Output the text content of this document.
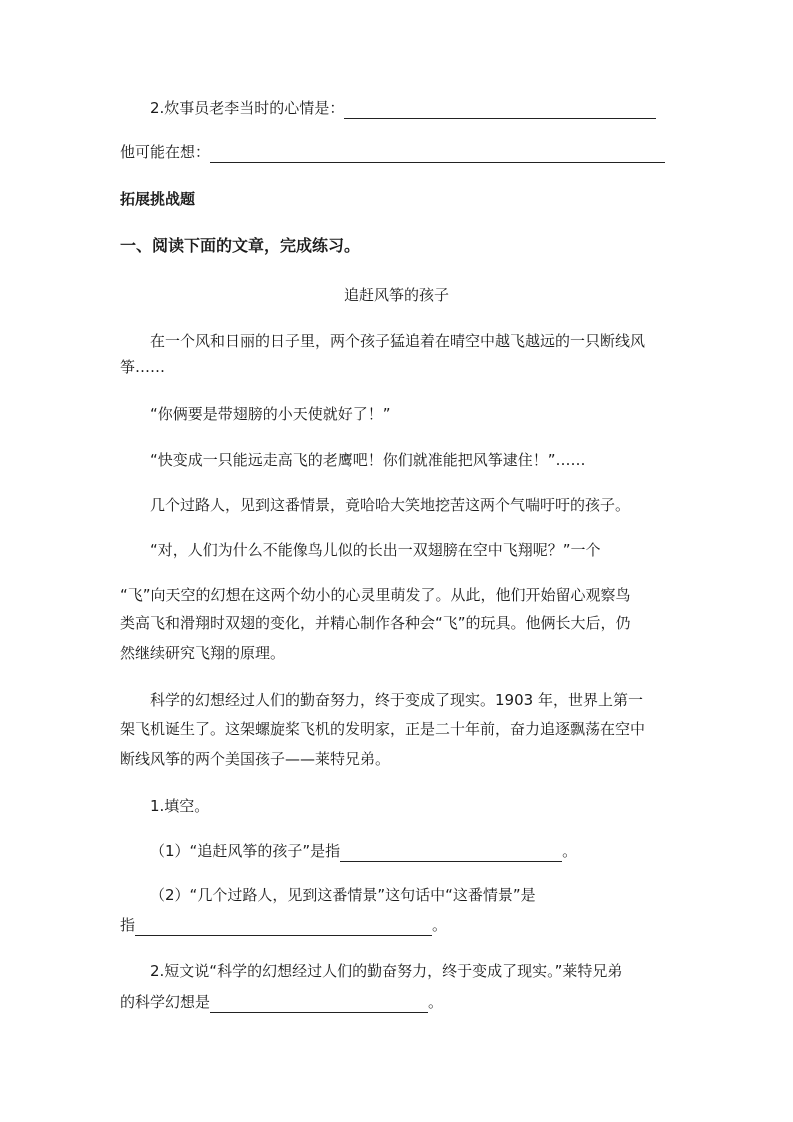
2.炊事员老李当时的心情是：
他可能在想：
拓展挑战题
一、阅读下面的文章，完成练习。
追赶风筝的孩子
在一个风和日丽的日子里，两个孩子猛追着在晴空中越飞越远的一只断线风
筝……
“你俩要是带翅膀的小天使就好了！”
“快变成一只能远走高飞的老鹰吧！你们就准能把风筝逮住！”……
几个过路人，见到这番情景，竟哈哈大笑地挖苦这两个气喘吁吁的孩子。
“对，人们为什么不能像鸟儿似的长出一双翅膀在空中飞翔呢？”一个
“飞”向天空的幻想在这两个幼小的心灵里萌发了。从此，他们开始留心观察鸟
类高飞和滑翔时双翅的变化，并精心制作各种会“飞”的玩具。他俩长大后，仍
然继续研究飞翔的原理。
科学的幻想经过人们的勤奋努力，终于变成了现实。1903 年，世界上第一
架飞机诞生了。这架螺旋桨飞机的发明家，正是二十年前，奋力追逐飘荡在空中
断线风筝的两个美国孩子——莱特兄弟。
1.填空。
（1）“追赶风筝的孩子”是指	。
（2）“几个过路人，见到这番情景”这句话中“这番情景”是
指	。
2.短文说“科学的幻想经过人们的勤奋努力，终于变成了现实。”莱特兄弟
的科学幻想是	。
